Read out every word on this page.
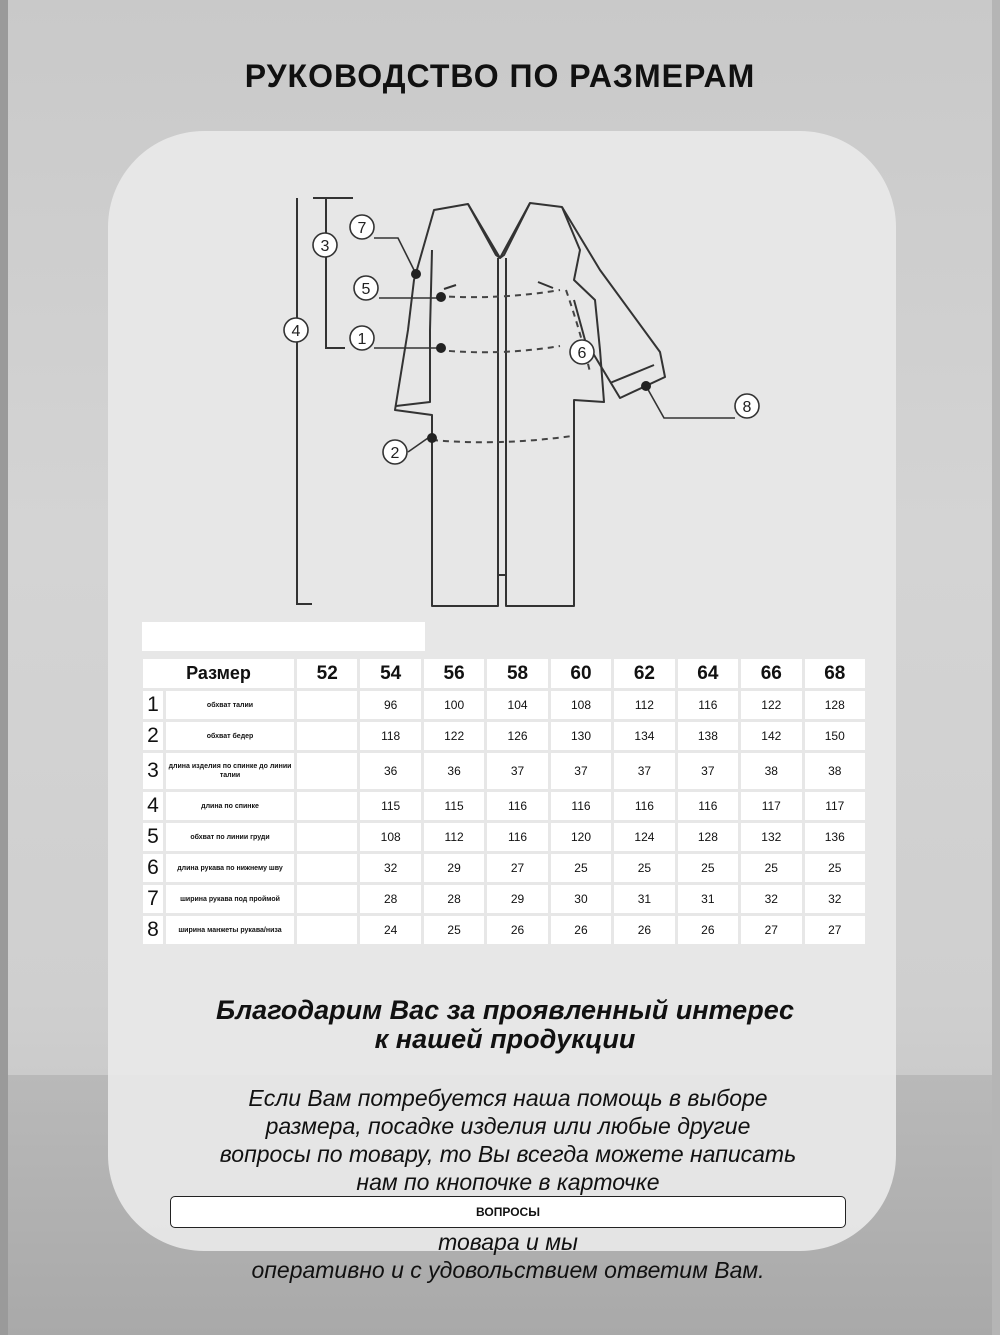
РУКОВОДСТВО ПО РАЗМЕРАМ
3
4
7
5
1
2
6
8
Размер		52	54	56	58	60	62	64	66	68
1	обхват талии		96	100	104	108	112	116	122	128
2	обхват бедер		118	122	126	130	134	138	142	150
3	длина изделия по спинке до линии талии		36	36	37	37	37	37	38	38
4	длина по спинке		115	115	116	116	116	116	117	117
5	обхват по линии груди		108	112	116	120	124	128	132	136
6	длина рукава по нижнему шву		32	29	27	25	25	25	25	25
7	ширина рукава под проймой		28	28	29	30	31	31	32	32
8	ширина манжеты рукава/низа		24	25	26	26	26	26	27	27
Благодарим Вас за проявленный интерес
к нашей продукции
Если Вам потребуется наша помощь в выборе
размера, посадке изделия или любые другие
вопросы по товару, то Вы всегда можете написать
нам по кнопочке в карточке
ВОПРОСЫ
товара и мы
оперативно и с удовольствием ответим Вам.
